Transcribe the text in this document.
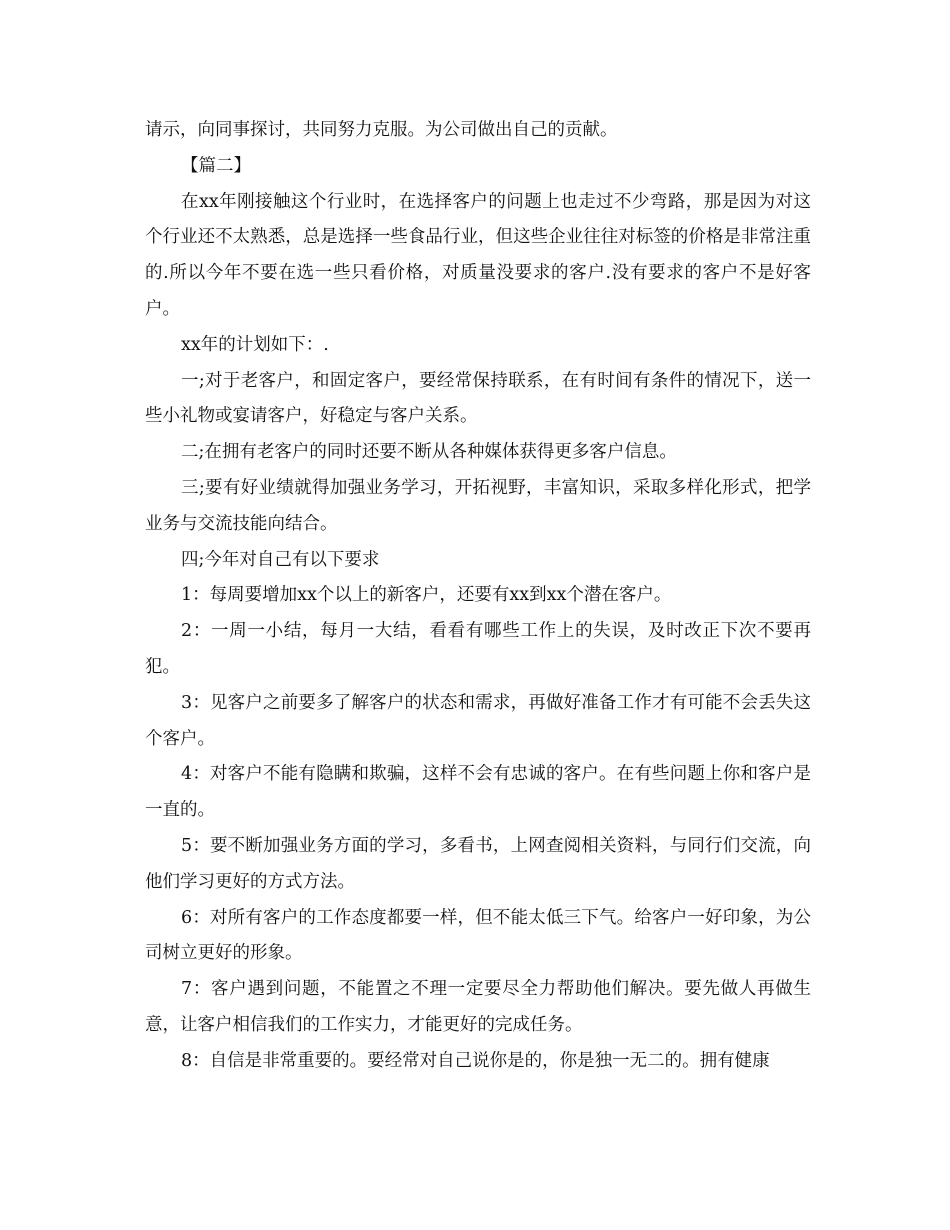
请示，向同事探讨，共同努力克服。为公司做出自己的贡献。

【篇二】

在xx年刚接触这个行业时，在选择客户的问题上也走过不少弯路，那是因为对这个行业还不太熟悉，总是选择一些食品行业，但这些企业往往对标签的价格是非常注重的.所以今年不要在选一些只看价格，对质量没要求的客户.没有要求的客户不是好客户。

xx年的计划如下：.

一;对于老客户，和固定客户，要经常保持联系，在有时间有条件的情况下，送一些小礼物或宴请客户，好稳定与客户关系。

二;在拥有老客户的同时还要不断从各种媒体获得更多客户信息。

三;要有好业绩就得加强业务学习，开拓视野，丰富知识，采取多样化形式，把学业务与交流技能向结合。

四;今年对自己有以下要求

1：每周要增加xx个以上的新客户，还要有xx到xx个潜在客户。

2：一周一小结，每月一大结，看看有哪些工作上的失误，及时改正下次不要再犯。

3：见客户之前要多了解客户的状态和需求，再做好准备工作才有可能不会丢失这个客户。

4：对客户不能有隐瞒和欺骗，这样不会有忠诚的客户。在有些问题上你和客户是一直的。

5：要不断加强业务方面的学习，多看书，上网查阅相关资料，与同行们交流，向他们学习更好的方式方法。

6：对所有客户的工作态度都要一样，但不能太低三下气。给客户一好印象，为公司树立更好的形象。

7：客户遇到问题，不能置之不理一定要尽全力帮助他们解决。要先做人再做生意，让客户相信我们的工作实力，才能更好的完成任务。

8：自信是非常重要的。要经常对自己说你是的，你是独一无二的。拥有健康
